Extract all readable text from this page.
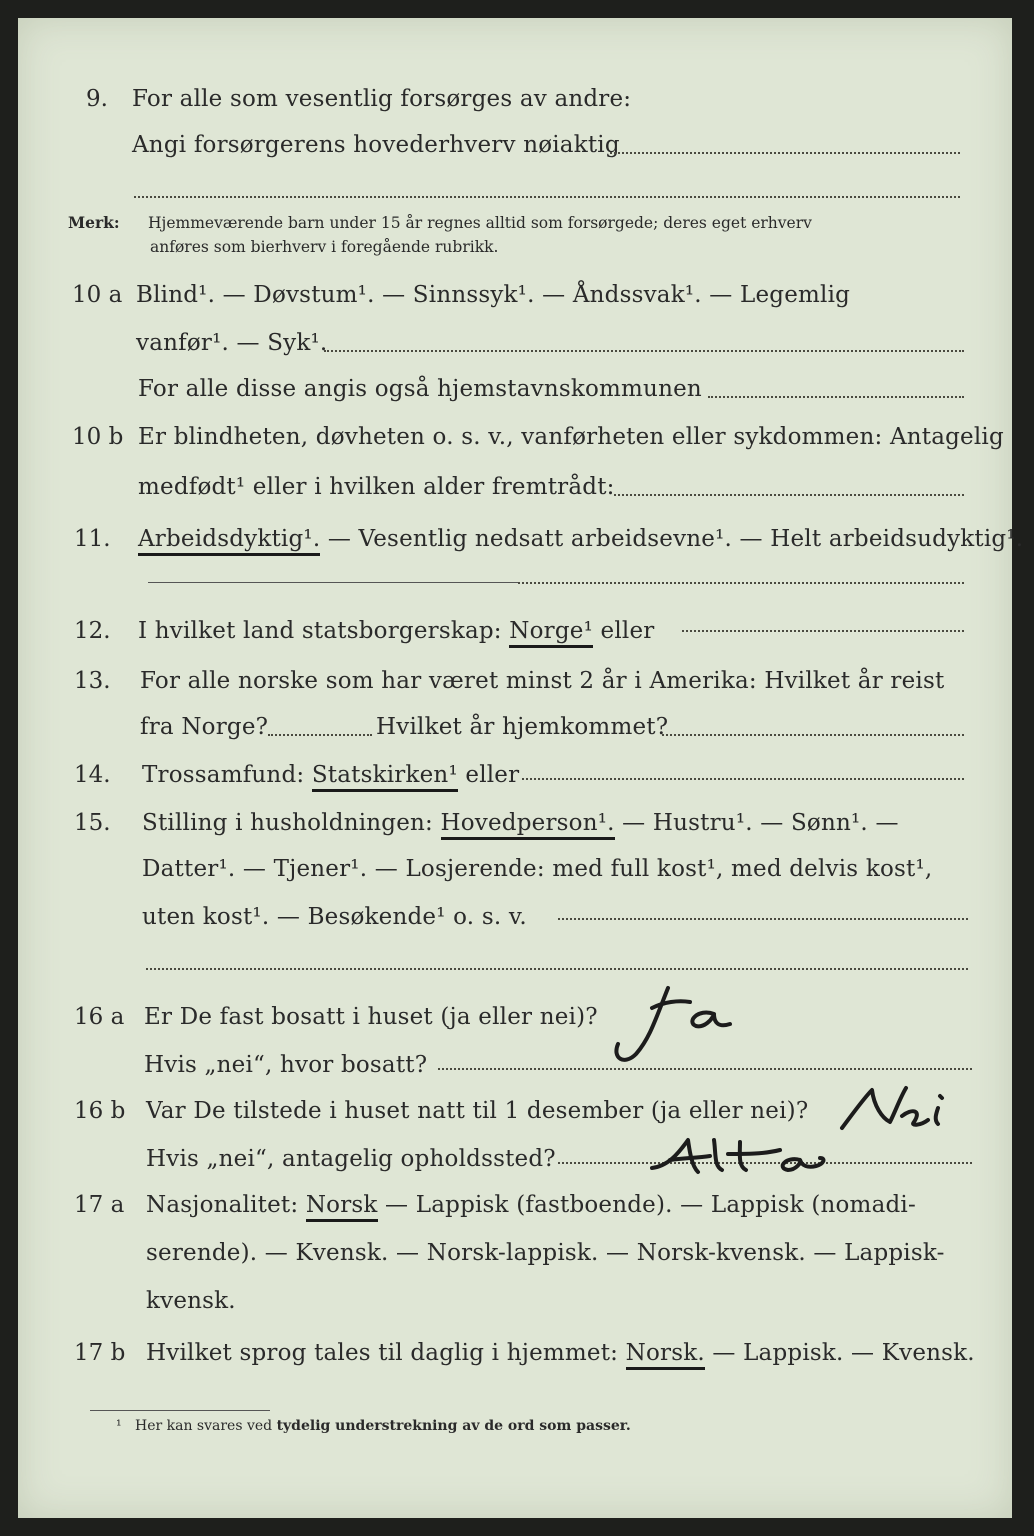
9. For alle som vesentlig forsørges av andre:
Angi forsørgerens hovederhverv nøiaktig
Merk: Hjemmeværende barn under 15 år regnes alltid som forsørgede; deres eget erhverv
anføres som bierhverv i foregående rubrikk.
10 a Blind¹. — Døvstum¹. — Sinnssyk¹. — Åndssvak¹. — Legemlig
vanfør¹. — Syk¹.
For alle disse angis også hjemstavnskommunen
10 b Er blindheten, døvheten o. s. v., vanførheten eller sykdommen: Antagelig
medfødt¹ eller i hvilken alder fremtrådt:
11. Arbeidsdyktig¹. — Vesentlig nedsatt arbeidsevne¹. — Helt arbeidsudyktig¹.
12. I hvilket land statsborgerskap: Norge¹ eller
13. For alle norske som har været minst 2 år i Amerika: Hvilket år reist
fra Norge?	Hvilket år hjemkommet?
14. Trossamfund: Statskirken¹ eller
15. Stilling i husholdningen: Hovedperson¹. — Hustru¹. — Sønn¹. —
Datter¹. — Tjener¹. — Losjerende: med full kost¹, med delvis kost¹,
uten kost¹. — Besøkende¹ o. s. v.
16 a Er De fast bosatt i huset (ja eller nei)?
Hvis „nei“, hvor bosatt?
16 b Var De tilstede i huset natt til 1 desember (ja eller nei)?
Hvis „nei“, antagelig opholdssted?
17 a Nasjonalitet: Norsk — Lappisk (fastboende). — Lappisk (nomadi-
serende). — Kvensk. — Norsk-lappisk. — Norsk-kvensk. — Lappisk-
kvensk.
17 b Hvilket sprog tales til daglig i hjemmet: Norsk. — Lappisk. — Kvensk.
¹ Her kan svares ved tydelig understrekning av de ord som passer.
